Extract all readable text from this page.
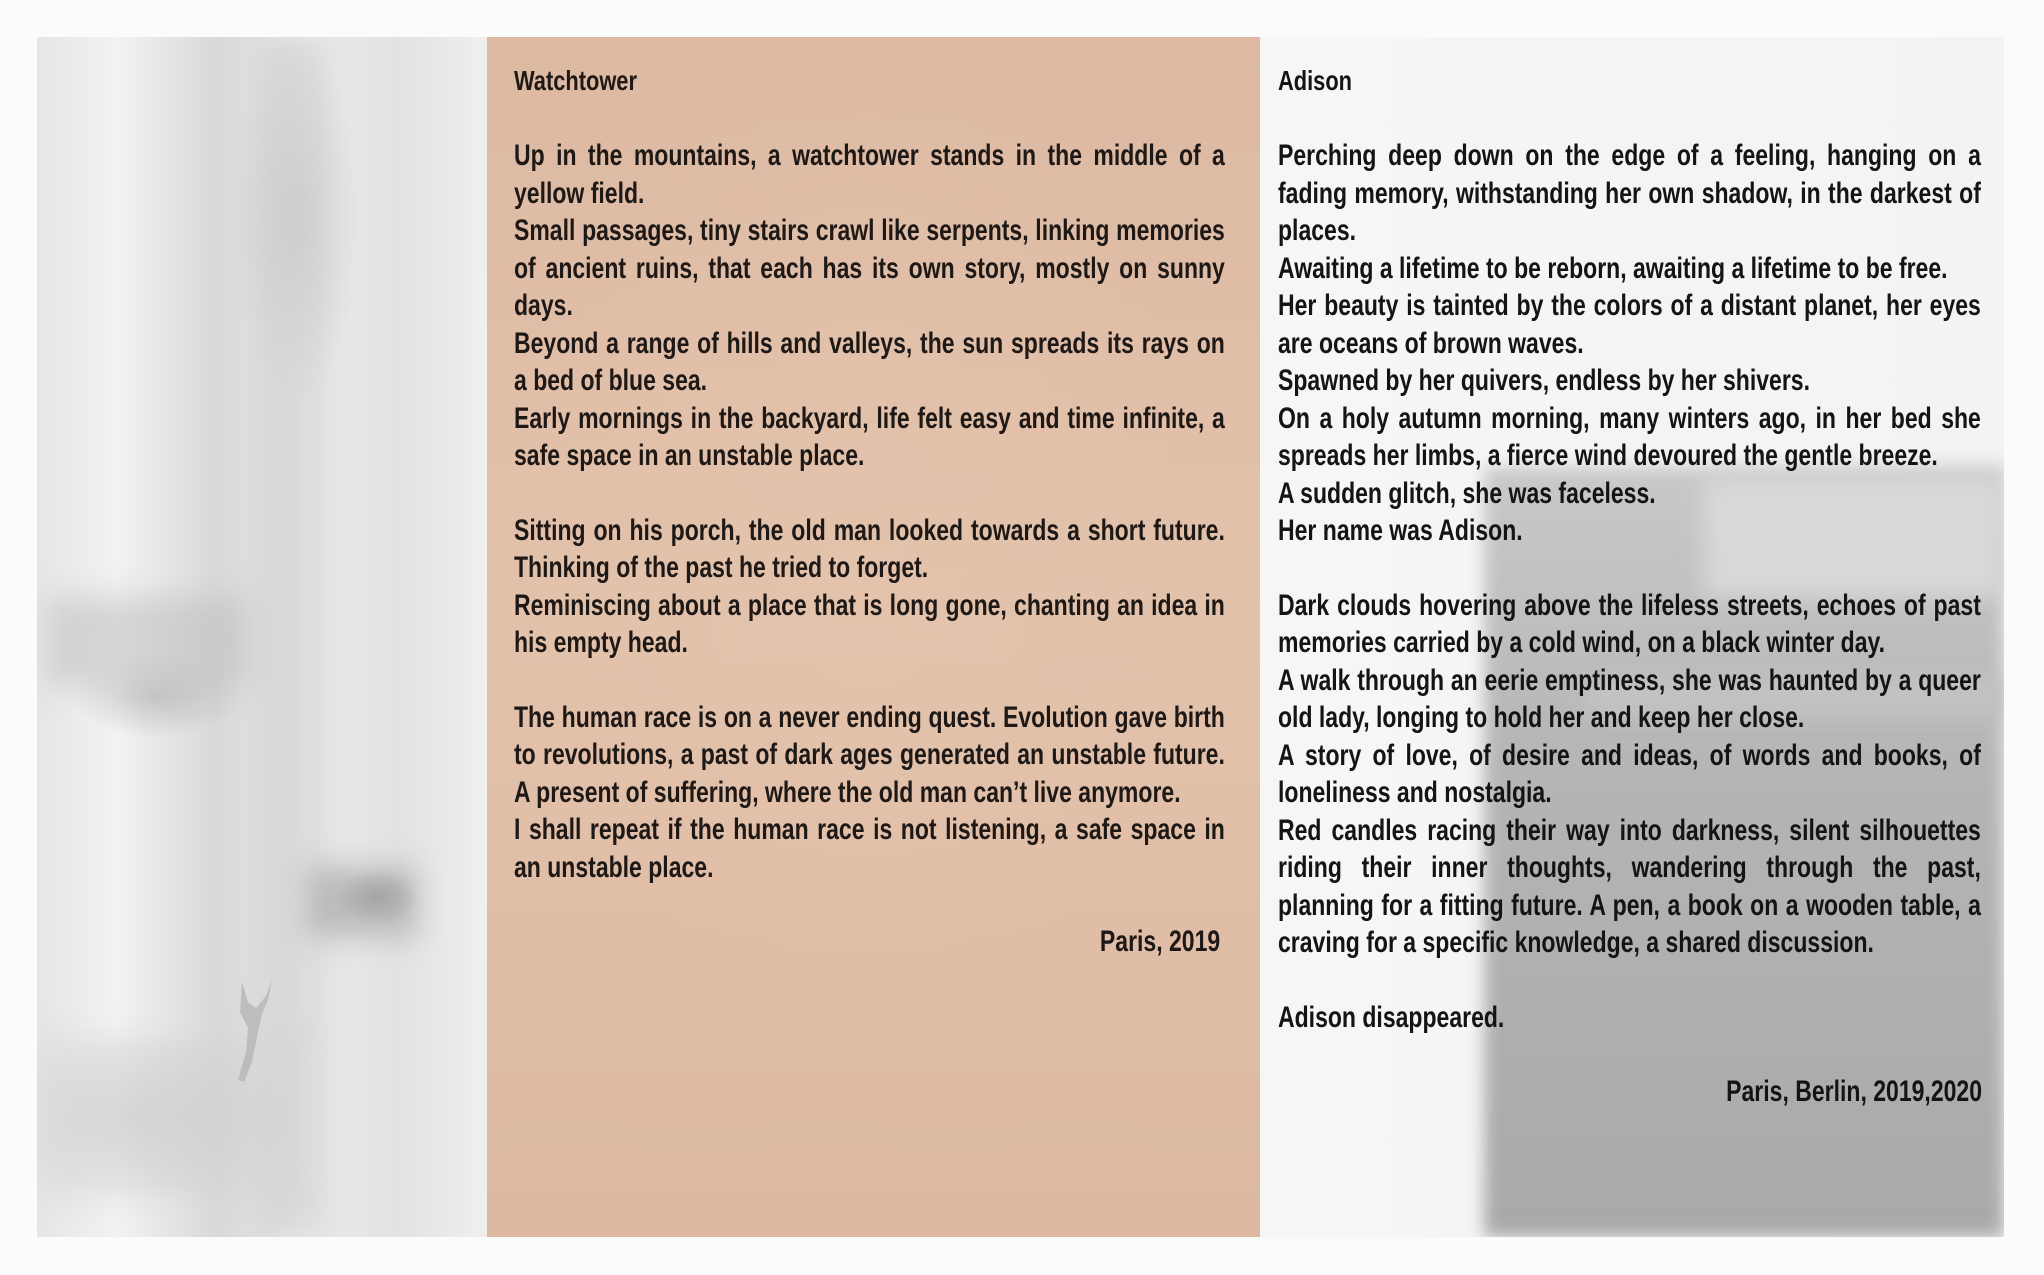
Watchtower

Up in the mountains, a watchtower stands in the middle of a yellow field.

Small passages, tiny stairs crawl like serpents, linking memories of ancient ruins, that each has its own story, mostly on sunny days.

Beyond a range of hills and valleys, the sun spreads its rays on a bed of blue sea.

Early mornings in the backyard, life felt easy and time infinite, a safe space in an unstable place.

Sitting on his porch, the old man looked towards a short future. Thinking of the past he tried to forget.

Reminiscing about a place that is long gone, chanting an idea in his empty head.

The human race is on a never ending quest. Evolution gave birth to revolutions, a past of dark ages generated an unstable future. A present of suffering, where the old man can’t live anymore.

I shall repeat if the human race is not listening, a safe space in an unstable place.

Paris, 2019
Adison

Perching deep down on the edge of a feeling, hanging on a fading memory, withstanding her own shadow, in the darkest of places.

Awaiting a lifetime to be reborn, awaiting a lifetime to be free.

Her beauty is tainted by the colors of a distant planet, her eyes are oceans of brown waves.

Spawned by her quivers, endless by her shivers.

On a holy autumn morning, many winters ago, in her bed she spreads her limbs, a fierce wind devoured the gentle breeze.

A sudden glitch, she was faceless.

Her name was Adison.

Dark clouds hovering above the lifeless streets, echoes of past memories carried by a cold wind, on a black winter day.

A walk through an eerie emptiness, she was haunted by a queer old lady, longing to hold her and keep her close.

A story of love, of desire and ideas, of words and books, of loneliness and nostalgia.

Red candles racing their way into darkness, silent silhouettes riding their inner thoughts, wandering through the past, planning for a fitting future. A pen, a book on a wooden table, a craving for a specific knowledge, a shared discussion.

Adison disappeared.

Paris, Berlin, 2019,2020
